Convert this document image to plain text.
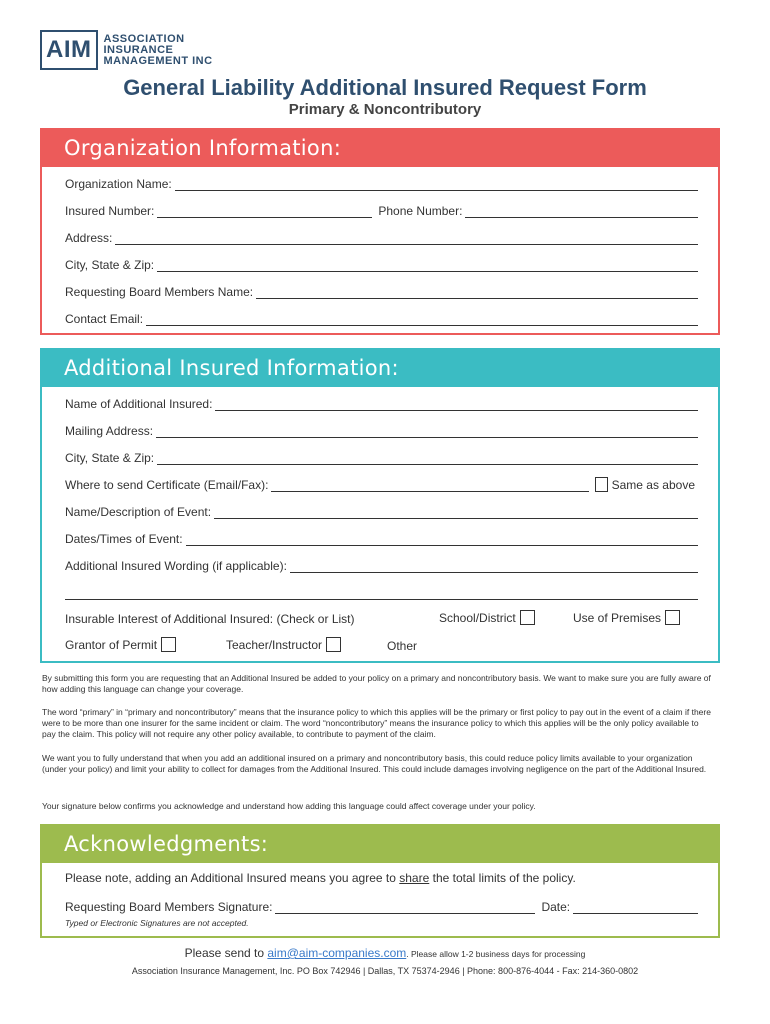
AIM	ASSOCIATION
INSURANCE
MANAGEMENT INC
General Liability Additional Insured Request Form
Primary & Noncontributory
Organization Information:
Organization Name:
Insured Number:	Phone Number:
Address:
City, State & Zip:
Requesting Board Members Name:
Contact Email:
Additional Insured Information:
Name of Additional Insured:
Mailing Address:
City, State & Zip:
Where to send Certificate (Email/Fax):	Same as above
Name/Description of Event:
Dates/Times of Event:
Additional Insured Wording (if applicable):
Insurable Interest of Additional Insured: (Check or List)	School/District	Use of Premises
Grantor of Permit	Teacher/Instructor	Other
By submitting this form you are requesting that an Additional Insured be added to your policy on a primary and noncontributory basis. We want to make sure you are fully aware of how adding this language can change your coverage.
The word “primary” in “primary and noncontributory” means that the insurance policy to which this applies will be the primary or first policy to pay out in the event of a claim if there were to be more than one insurer for the same incident or claim. The word “noncontributory” means the insurance policy to which this applies will be the only policy available to pay the claim. This policy will not require any other policy available, to contribute to payment of the claim.
We want you to fully understand that when you add an additional insured on a primary and noncontributory basis, this could reduce policy limits available to your organization (under your policy) and limit your ability to collect for damages from the Additional Insured. This could include damages involving negligence on the part of the Additional Insured.
Your signature below confirms you acknowledge and understand how adding this language could affect coverage under your policy.
Acknowledgments:
Please note, adding an Additional Insured means you agree to share the total limits of the policy.
Requesting Board Members Signature:	Date:
Typed or Electronic Signatures are not accepted.
Please send to aim@aim-companies.com. Please allow 1-2 business days for processing
Association Insurance Management, Inc. PO Box 742946 | Dallas, TX 75374-2946 | Phone: 800-876-4044 - Fax: 214-360-0802
